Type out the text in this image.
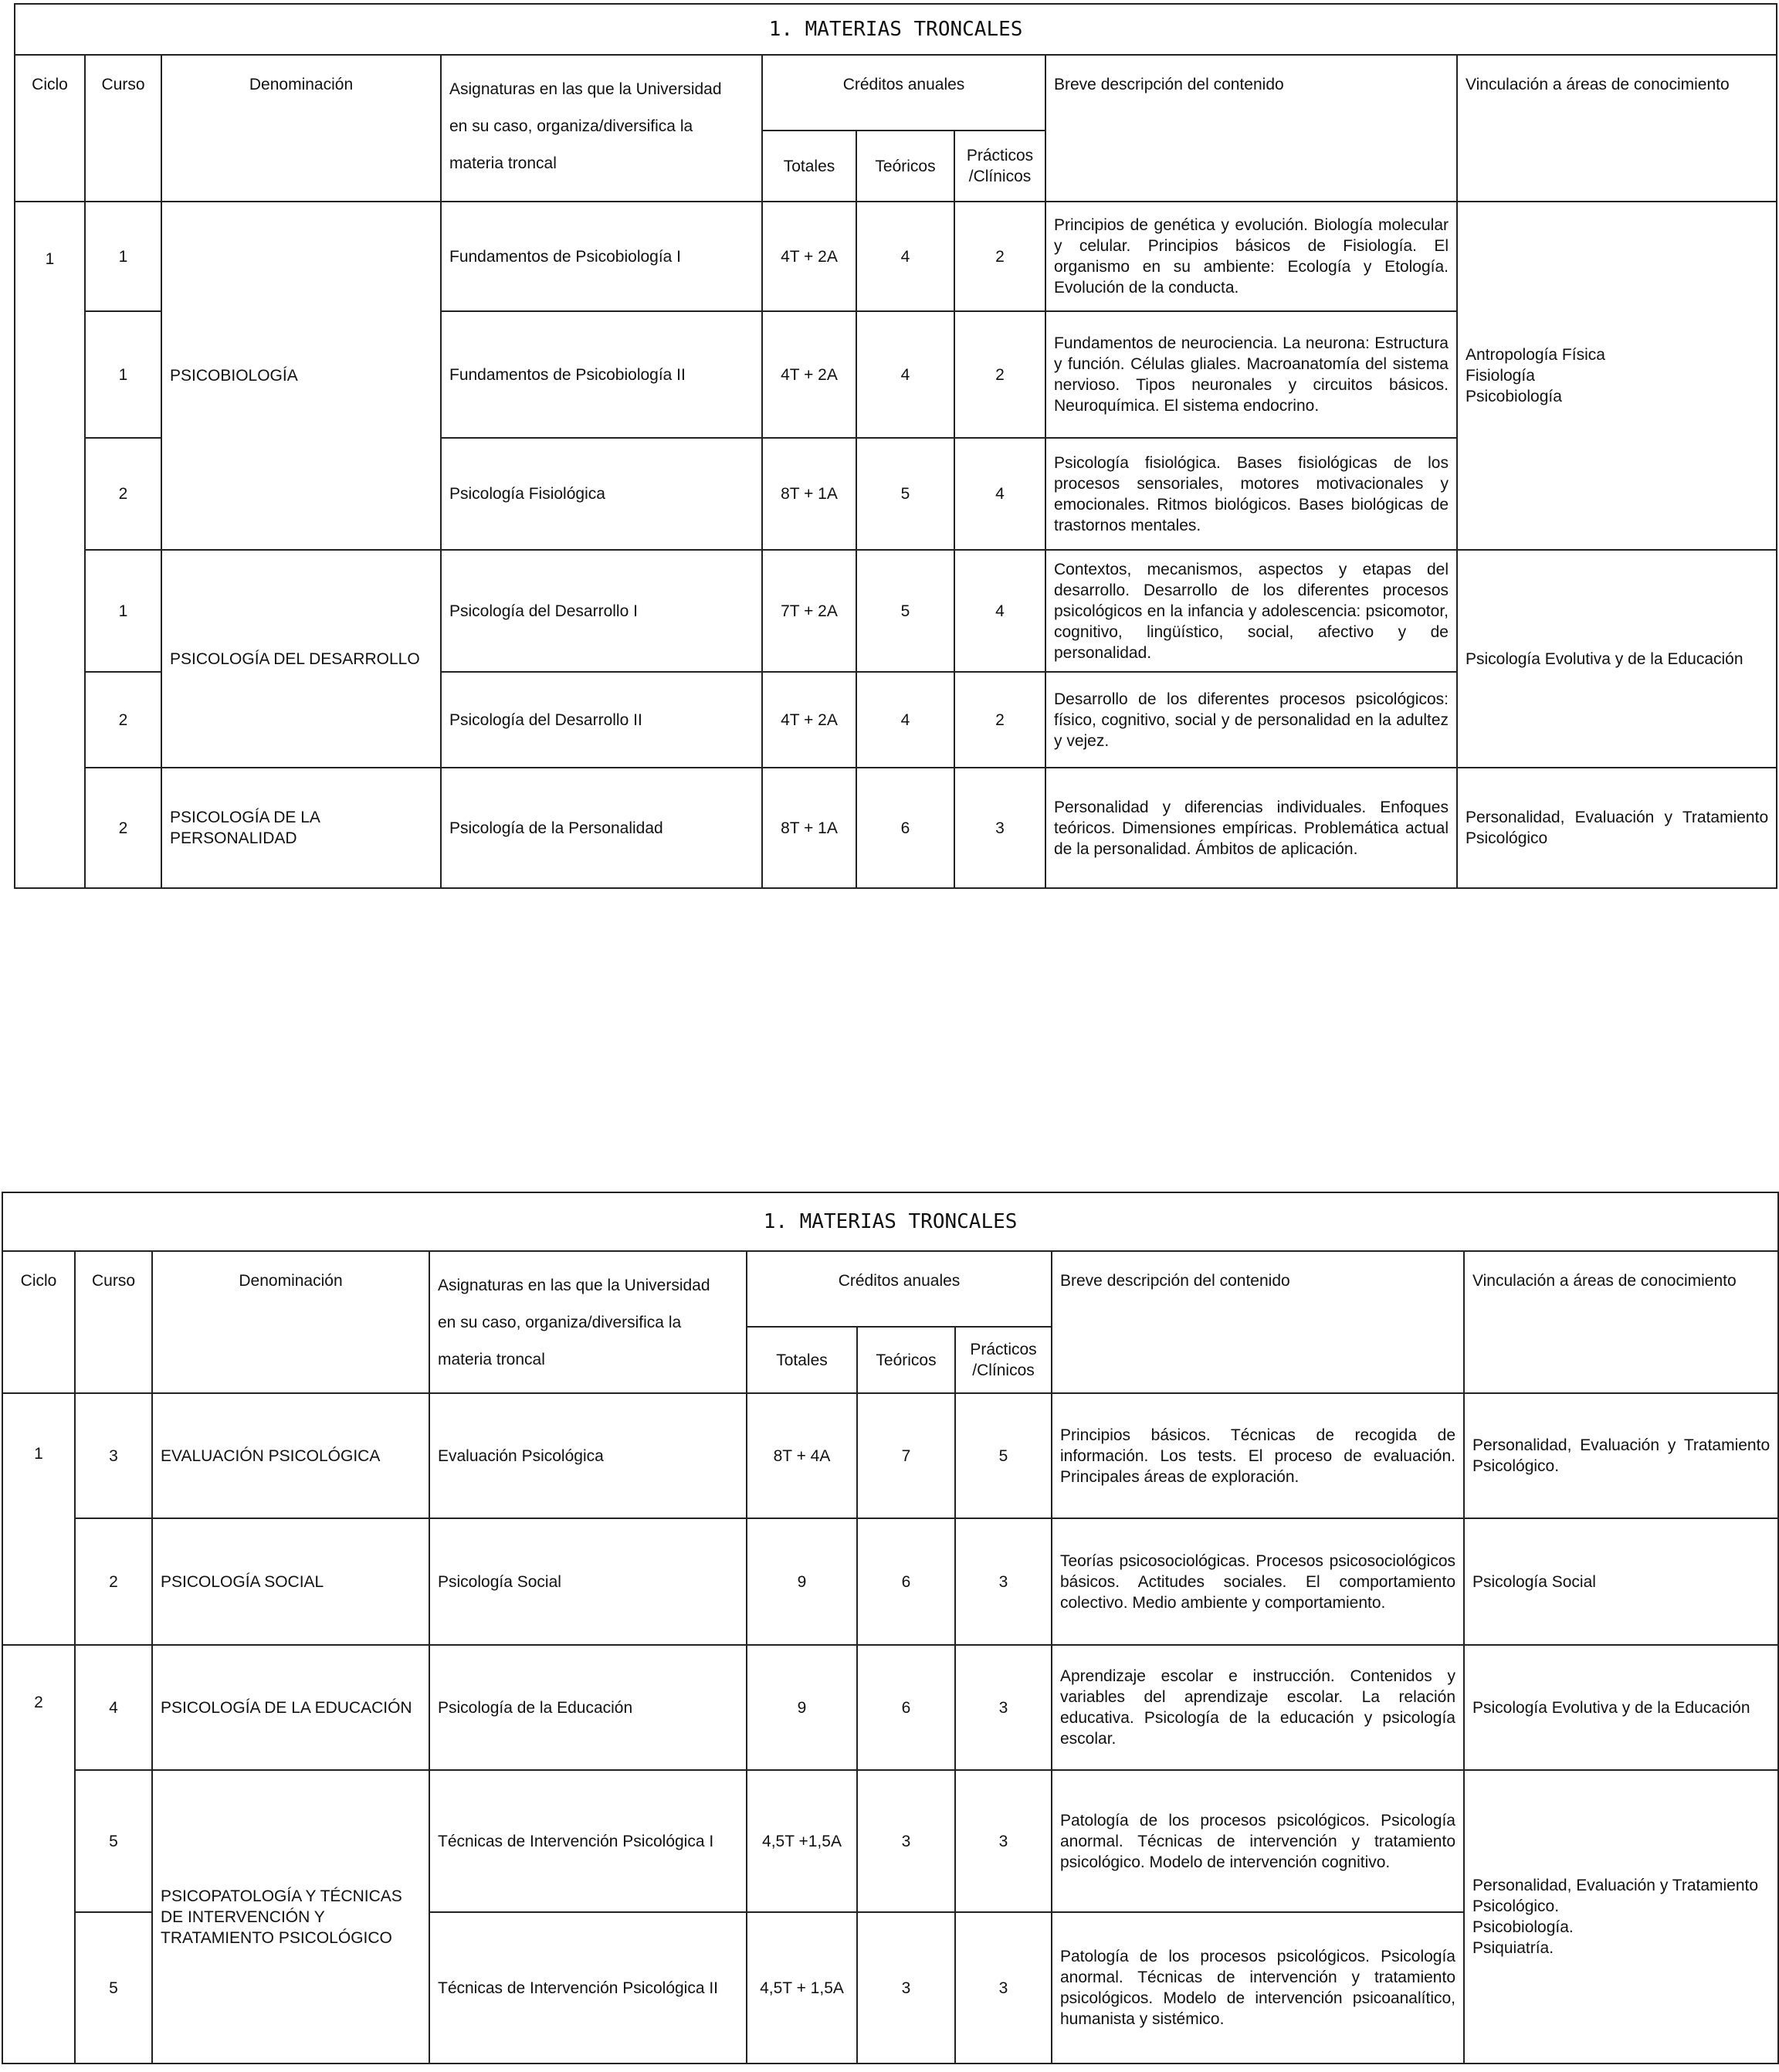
1. MATERIAS TRONCALES								
Ciclo	Curso	Denominación	Asignaturas en las que la Universidad
en su caso, organiza/diversifica la
materia troncal	Créditos anuales			Breve descripción del contenido	Vinculación a áreas de conocimiento
				Totales	Teóricos	Prácticos
/Clínicos		
1	1	PSICOBIOLOGÍA	Fundamentos de Psicobiología I	4T + 2A	4	2	Principios de genética y evolución. Biología molecular y celular. Principios básicos de Fisiología. El organismo en su ambiente: Ecología y Etología. Evolución de la conducta.	Antropología Física
Fisiología
Psicobiología
	1		Fundamentos de Psicobiología II	4T + 2A	4	2	Fundamentos de neurociencia. La neurona: Estructura y función. Células gliales. Macroanatomía del sistema nervioso. Tipos neuronales y circuitos básicos. Neuroquímica. El sistema endocrino.	
	2		Psicología Fisiológica	8T + 1A	5	4	Psicología fisiológica. Bases fisiológicas de los procesos sensoriales, motores motivacionales y emocionales. Ritmos biológicos. Bases biológicas de trastornos mentales.	
	1	PSICOLOGÍA DEL DESARROLLO	Psicología del Desarrollo I	7T + 2A	5	4	Contextos, mecanismos, aspectos y etapas del desarrollo. Desarrollo de los diferentes procesos psicológicos en la infancia y adolescencia: psicomotor, cognitivo, lingüístico, social, afectivo y de personalidad.	Psicología Evolutiva y de la Educación
	2		Psicología del Desarrollo II	4T + 2A	4	2	Desarrollo de los diferentes procesos psicológicos: físico, cognitivo, social y de personalidad en la adultez y vejez.	
	2	PSICOLOGÍA DE LA PERSONALIDAD	Psicología de la Personalidad	8T + 1A	6	3	Personalidad y diferencias individuales. Enfoques teóricos. Dimensiones empíricas. Problemática actual de la personalidad. Ámbitos de aplicación.	Personalidad, Evaluación y Tratamiento Psicológico
1. MATERIAS TRONCALES								
Ciclo	Curso	Denominación	Asignaturas en las que la Universidad
en su caso, organiza/diversifica la
materia troncal	Créditos anuales			Breve descripción del contenido	Vinculación a áreas de conocimiento
				Totales	Teóricos	Prácticos
/Clínicos		
1	3	EVALUACIÓN PSICOLÓGICA	Evaluación Psicológica	8T + 4A	7	5	Principios básicos. Técnicas de recogida de información. Los tests. El proceso de evaluación. Principales áreas de exploración.	Personalidad, Evaluación y Tratamiento Psicológico.
	2	PSICOLOGÍA SOCIAL	Psicología Social	9	6	3	Teorías psicosociológicas. Procesos psicosociológicos básicos. Actitudes sociales. El comportamiento colectivo. Medio ambiente y comportamiento.	Psicología Social
2	4	PSICOLOGÍA DE LA EDUCACIÓN	Psicología de la Educación	9	6	3	Aprendizaje escolar e instrucción. Contenidos y variables del aprendizaje escolar. La relación educativa. Psicología de la educación y psicología escolar.	Psicología Evolutiva y de la Educación
	5	PSICOPATOLOGÍA Y TÉCNICAS DE INTERVENCIÓN Y TRATAMIENTO PSICOLÓGICO	Técnicas de Intervención Psicológica I	4,5T +1,5A	3	3	Patología de los procesos psicológicos. Psicología anormal. Técnicas de intervención y tratamiento psicológico. Modelo de intervención cognitivo.	Personalidad, Evaluación y Tratamiento Psicológico.
Psicobiología.
Psiquiatría.
	5		Técnicas de Intervención Psicológica II	4,5T + 1,5A	3	3	Patología de los procesos psicológicos. Psicología anormal. Técnicas de intervención y tratamiento psicológicos. Modelo de intervención psicoanalítico, humanista y sistémico.	
